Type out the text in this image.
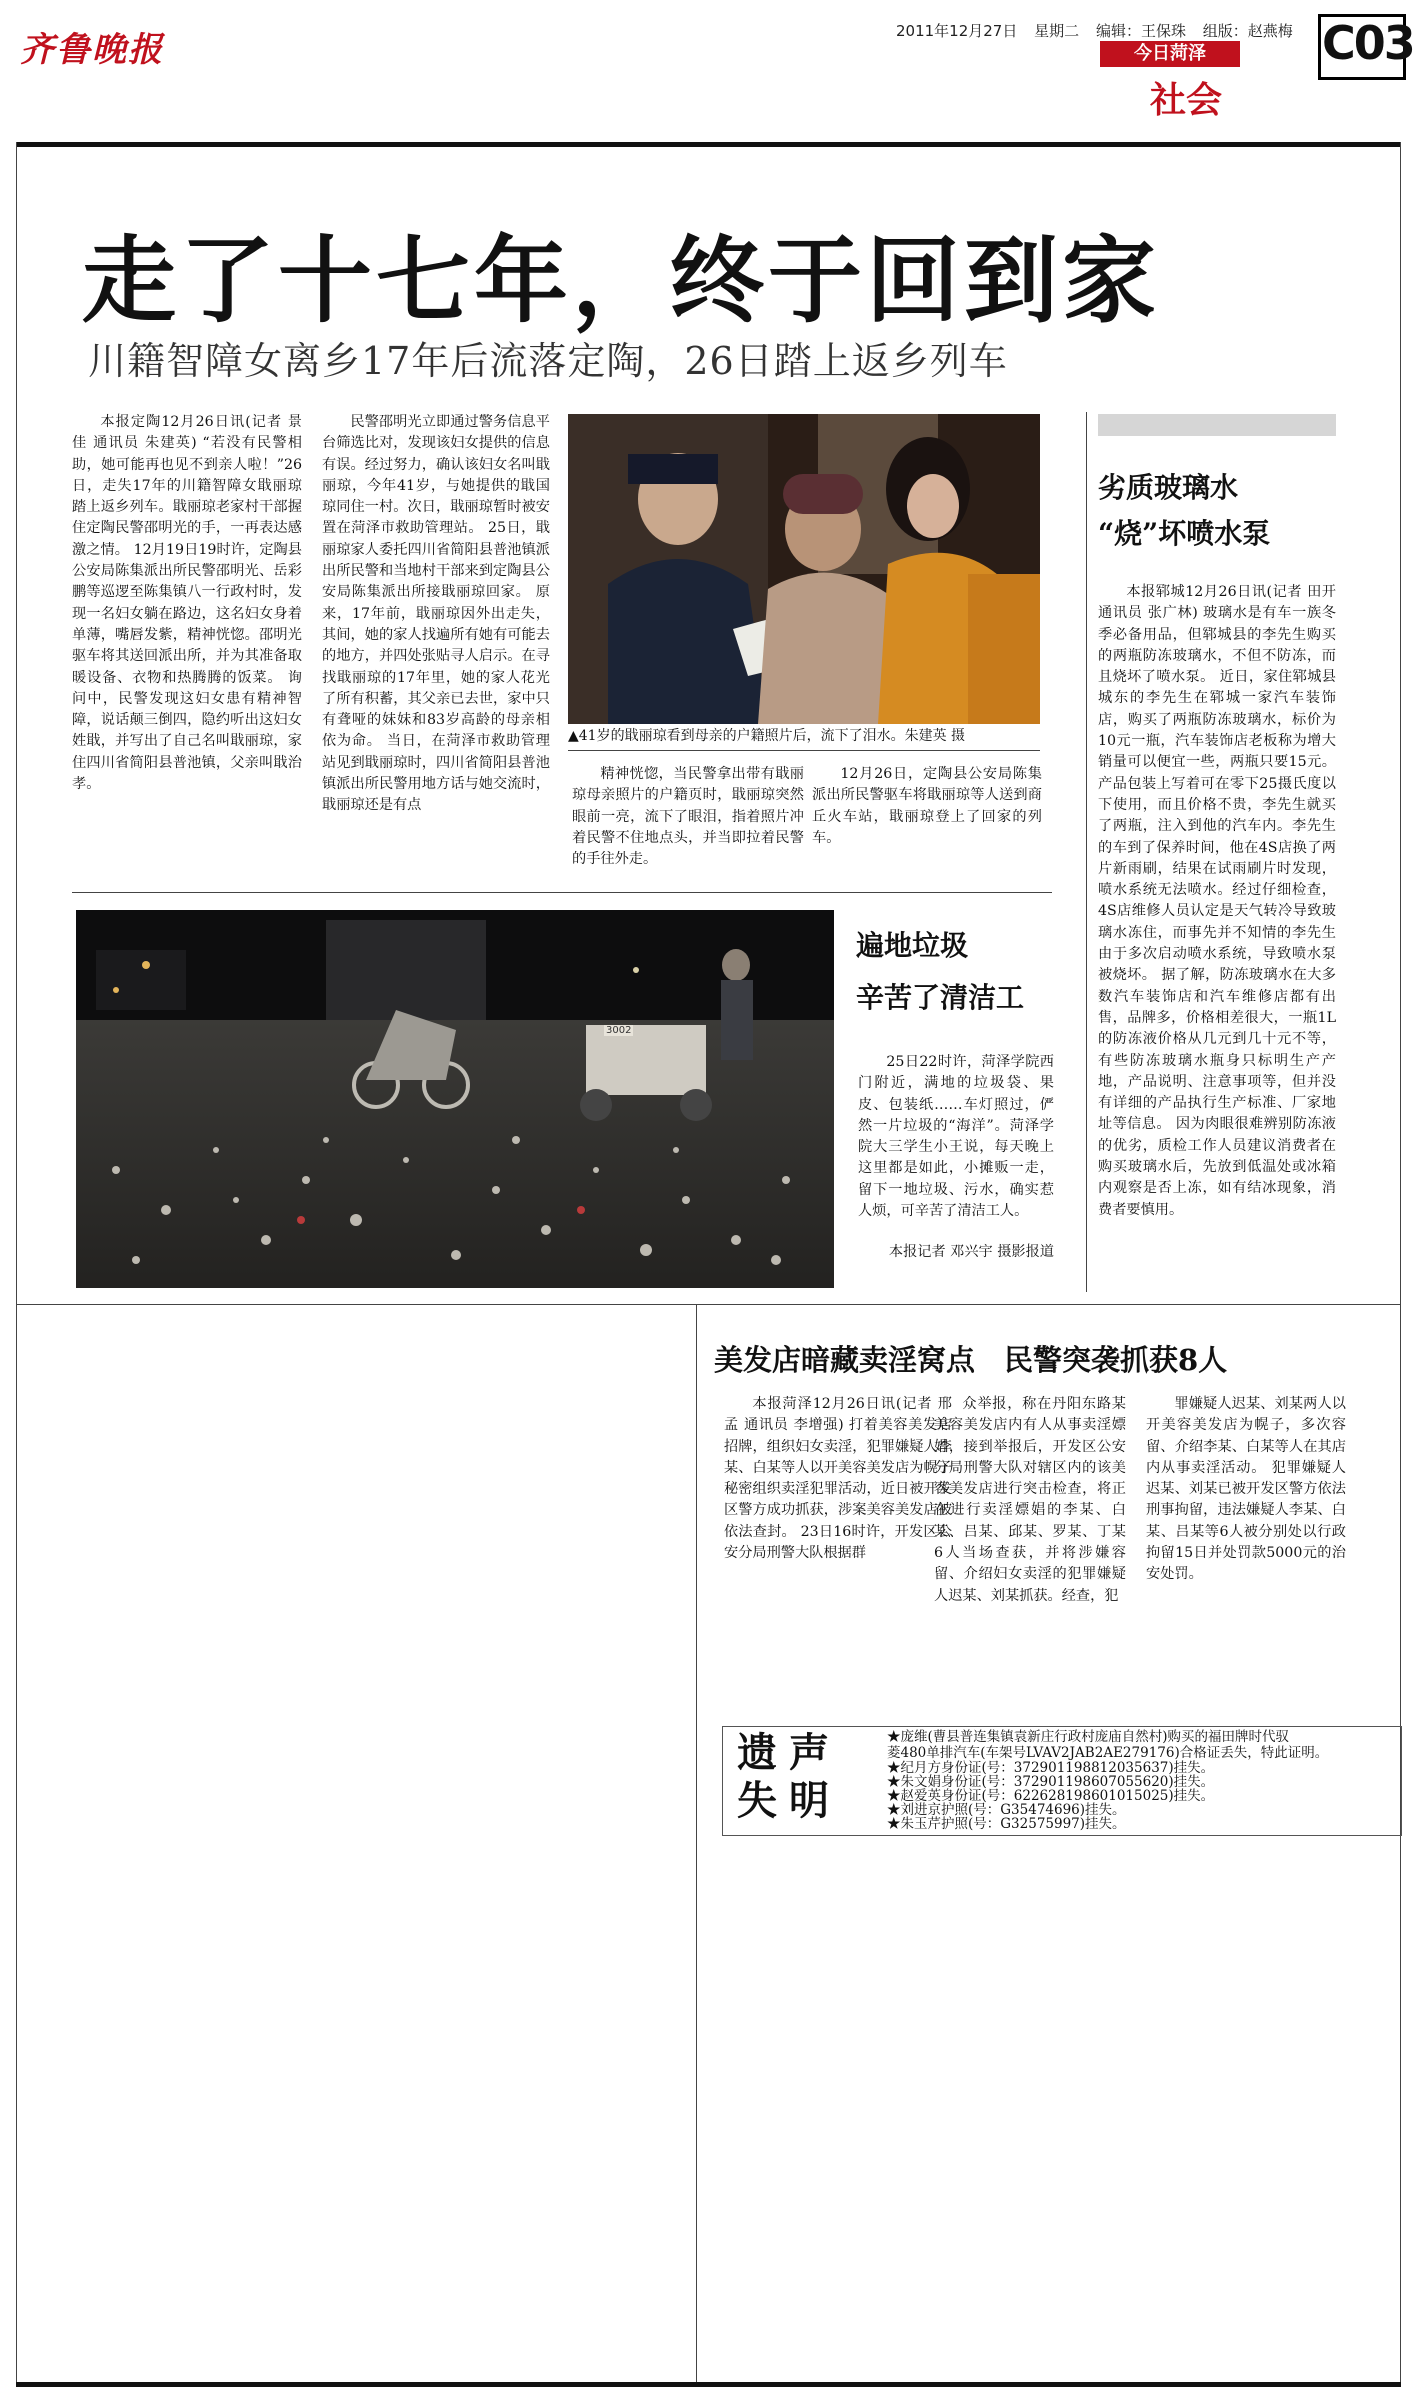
齐鲁晚报	2011年12月27日 星期二 编辑：王保珠 组版：赵燕梅
今日菏泽
社会
C03
走了十七年，终于回到家
川籍智障女离乡17年后流落定陶，26日踏上返乡列车
本报定陶12月26日讯(记者 景佳 通讯员 朱建英) “若没有民警相助，她可能再也见不到亲人啦！”26日，走失17年的川籍智障女戢丽琼踏上返乡列车。戢丽琼老家村干部握住定陶民警邵明光的手，一再表达感激之情。 12月19日19时许，定陶县公安局陈集派出所民警邵明光、岳彩鹏等巡逻至陈集镇八一行政村时，发现一名妇女躺在路边，这名妇女身着单薄，嘴唇发紫，精神恍惚。邵明光驱车将其送回派出所，并为其准备取暖设备、衣物和热腾腾的饭菜。 询问中，民警发现这妇女患有精神智障，说话颠三倒四，隐约听出这妇女姓戢，并写出了自己名叫戢丽琼，家住四川省简阳县普池镇，父亲叫戢治孝。
民警邵明光立即通过警务信息平台筛选比对，发现该妇女提供的信息有误。经过努力，确认该妇女名叫戢丽琼，今年41岁，与她提供的戢国琼同住一村。次日，戢丽琼暂时被安置在菏泽市救助管理站。 25日，戢丽琼家人委托四川省简阳县普池镇派出所民警和当地村干部来到定陶县公安局陈集派出所接戢丽琼回家。 原来，17年前，戢丽琼因外出走失，其间，她的家人找遍所有她有可能去的地方，并四处张贴寻人启示。在寻找戢丽琼的17年里，她的家人花光了所有积蓄，其父亲已去世，家中只有聋哑的妹妹和83岁高龄的母亲相依为命。 当日，在菏泽市救助管理站见到戢丽琼时，四川省简阳县普池镇派出所民警用地方话与她交流时，戢丽琼还是有点
▲41岁的戢丽琼看到母亲的户籍照片后，流下了泪水。朱建英 摄
精神恍惚，当民警拿出带有戢丽琼母亲照片的户籍页时，戢丽琼突然眼前一亮，流下了眼泪，指着照片冲着民警不住地点头，并当即拉着民警的手往外走。
12月26日，定陶县公安局陈集派出所民警驱车将戢丽琼等人送到商丘火车站，戢丽琼登上了回家的列车。
劣质玻璃水
“烧”坏喷水泵
本报郓城12月26日讯(记者 田开 通讯员 张广林) 玻璃水是有车一族冬季必备用品，但郓城县的李先生购买的两瓶防冻玻璃水，不但不防冻，而且烧坏了喷水泵。 近日，家住郓城县城东的李先生在郓城一家汽车装饰店，购买了两瓶防冻玻璃水，标价为10元一瓶，汽车装饰店老板称为增大销量可以便宜一些，两瓶只要15元。产品包装上写着可在零下25摄氏度以下使用，而且价格不贵，李先生就买了两瓶，注入到他的汽车内。李先生的车到了保养时间，他在4S店换了两片新雨刷，结果在试雨刷片时发现，喷水系统无法喷水。经过仔细检查，4S店维修人员认定是天气转冷导致玻璃水冻住，而事先并不知情的李先生由于多次启动喷水系统，导致喷水泵被烧坏。 据了解，防冻玻璃水在大多数汽车装饰店和汽车维修店都有出售，品牌多，价格相差很大，一瓶1L的防冻液价格从几元到几十元不等，有些防冻玻璃水瓶身只标明生产产地，产品说明、注意事项等，但并没有详细的产品执行生产标准、厂家地址等信息。 因为肉眼很难辨别防冻液的优劣，质检工作人员建议消费者在购买玻璃水后，先放到低温处或冰箱内观察是否上冻，如有结冰现象，消费者要慎用。
3002
遍地垃圾
辛苦了清洁工
25日22时许，菏泽学院西门附近，满地的垃圾袋、果皮、包装纸……车灯照过，俨然一片垃圾的“海洋”。菏泽学院大三学生小王说，每天晚上这里都是如此，小摊贩一走，留下一地垃圾、污水，确实惹人烦，可辛苦了清洁工人。
本报记者 邓兴宇 摄影报道
美发店暗藏卖淫窝点　民警突袭抓获8人
本报菏泽12月26日讯(记者 邢孟 通讯员 李增强) 打着美容美发店招牌，组织妇女卖淫，犯罪嫌疑人李某、白某等人以开美容美发店为幌子秘密组织卖淫犯罪活动，近日被开发区警方成功抓获，涉案美容美发店被依法查封。 23日16时许，开发区公安分局刑警大队根据群
众举报，称在丹阳东路某美容美发店内有人从事卖淫嫖娼，接到举报后，开发区公安分局刑警大队对辖区内的该美容美发店进行突击检查，将正在进行卖淫嫖娼的李某、白某、吕某、邱某、罗某、丁某6人当场查获，并将涉嫌容留、介绍妇女卖淫的犯罪嫌疑人迟某、刘某抓获。经查，犯
罪嫌疑人迟某、刘某两人以开美容美发店为幌子，多次容留、介绍李某、白某等人在其店内从事卖淫活动。 犯罪嫌疑人迟某、刘某已被开发区警方依法刑事拘留，违法嫌疑人李某、白某、吕某等6人被分别处以行政拘留15日并处罚款5000元的治安处罚。
遗
失
声
明
★庞维(曹县普连集镇袁新庄行政村庞庙自然村)购买的福田牌时代驭
菱480单排汽车(车架号LVAV2JAB2AE279176)合格证丢失，特此证明。
★纪月方身份证(号：372901198812035637)挂失。
★朱文娟身份证(号：372901198607055620)挂失。
★赵爱英身份证(号：622628198601015025)挂失。
★刘进京护照(号：G35474696)挂失。
★朱玉芹护照(号：G32575997)挂失。
